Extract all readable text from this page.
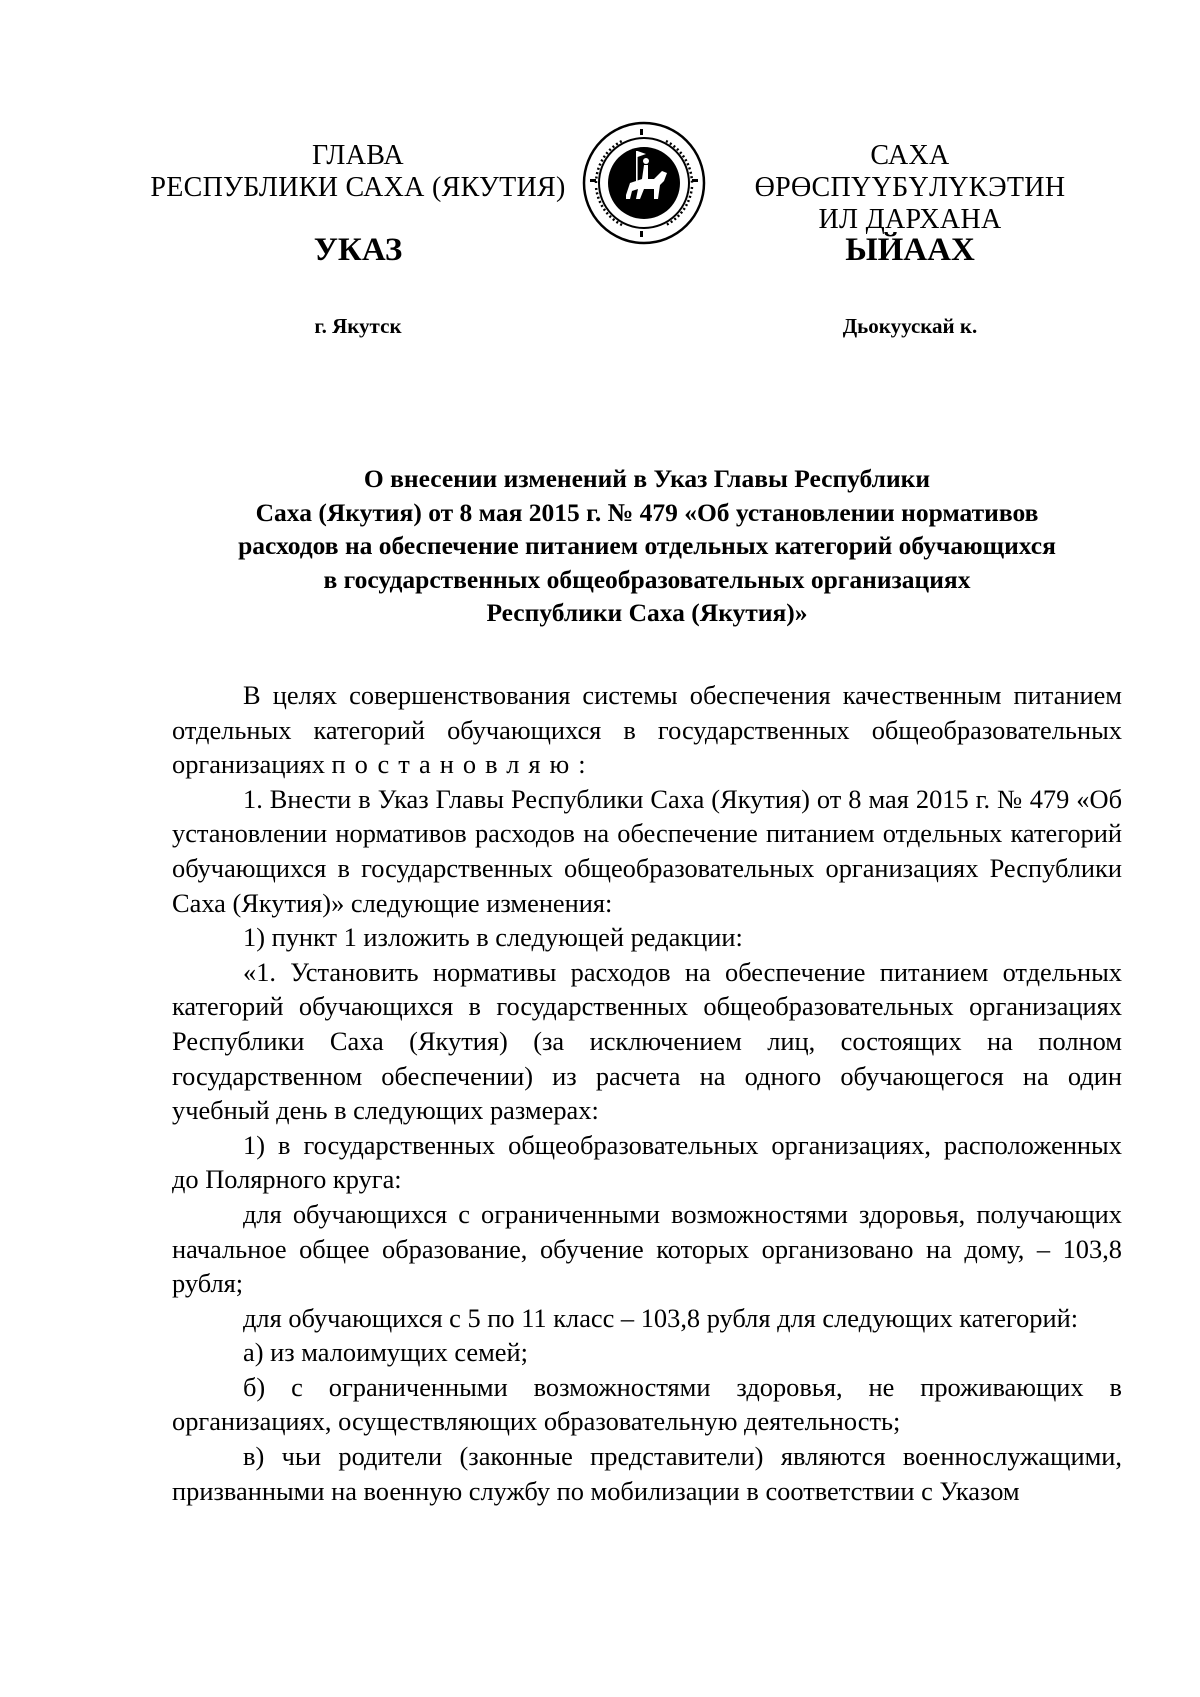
ГЛАВА
РЕСПУБЛИКИ САХА (ЯКУТИЯ)
САХА ӨРӨСПҮҮБҮЛҮКЭТИН
ИЛ ДАРХАНА
УКАЗ	ЫЙААХ
г. Якутск	Дьокуускай к.
О внесении изменений в Указ Главы Республики
Саха (Якутия) от 8 мая 2015 г. № 479 «Об установлении нормативов
расходов на обеспечение питанием отдельных категорий обучающихся
в государственных общеобразовательных организациях
Республики Саха (Якутия)»

В целях совершенствования системы обеспечения качественным питанием отдельных категорий обучающихся в государственных общеобразовательных организациях постановляю:

1. Внести в Указ Главы Республики Саха (Якутия) от 8 мая 2015 г. № 479 «Об установлении нормативов расходов на обеспечение питанием отдельных категорий обучающихся в государственных общеобразовательных организациях Республики Саха (Якутия)» следующие изменения:

1) пункт 1 изложить в следующей редакции:

«1. Установить нормативы расходов на обеспечение питанием отдельных категорий обучающихся в государственных общеобразовательных организациях Республики Саха (Якутия) (за исключением лиц, состоящих на полном государственном обеспечении) из расчета на одного обучающегося на один учебный день в следующих размерах:

1) в государственных общеобразовательных организациях, расположенных до Полярного круга:

для обучающихся с ограниченными возможностями здоровья, получающих начальное общее образование, обучение которых организовано на дому, – 103,8 рубля;

для обучающихся с 5 по 11 класс – 103,8 рубля для следующих категорий:

а) из малоимущих семей;

б) с ограниченными возможностями здоровья, не проживающих в организациях, осуществляющих образовательную деятельность;

в) чьи родители (законные представители) являются военнослужащими, призванными на военную службу по мобилизации в соответствии с Указом
